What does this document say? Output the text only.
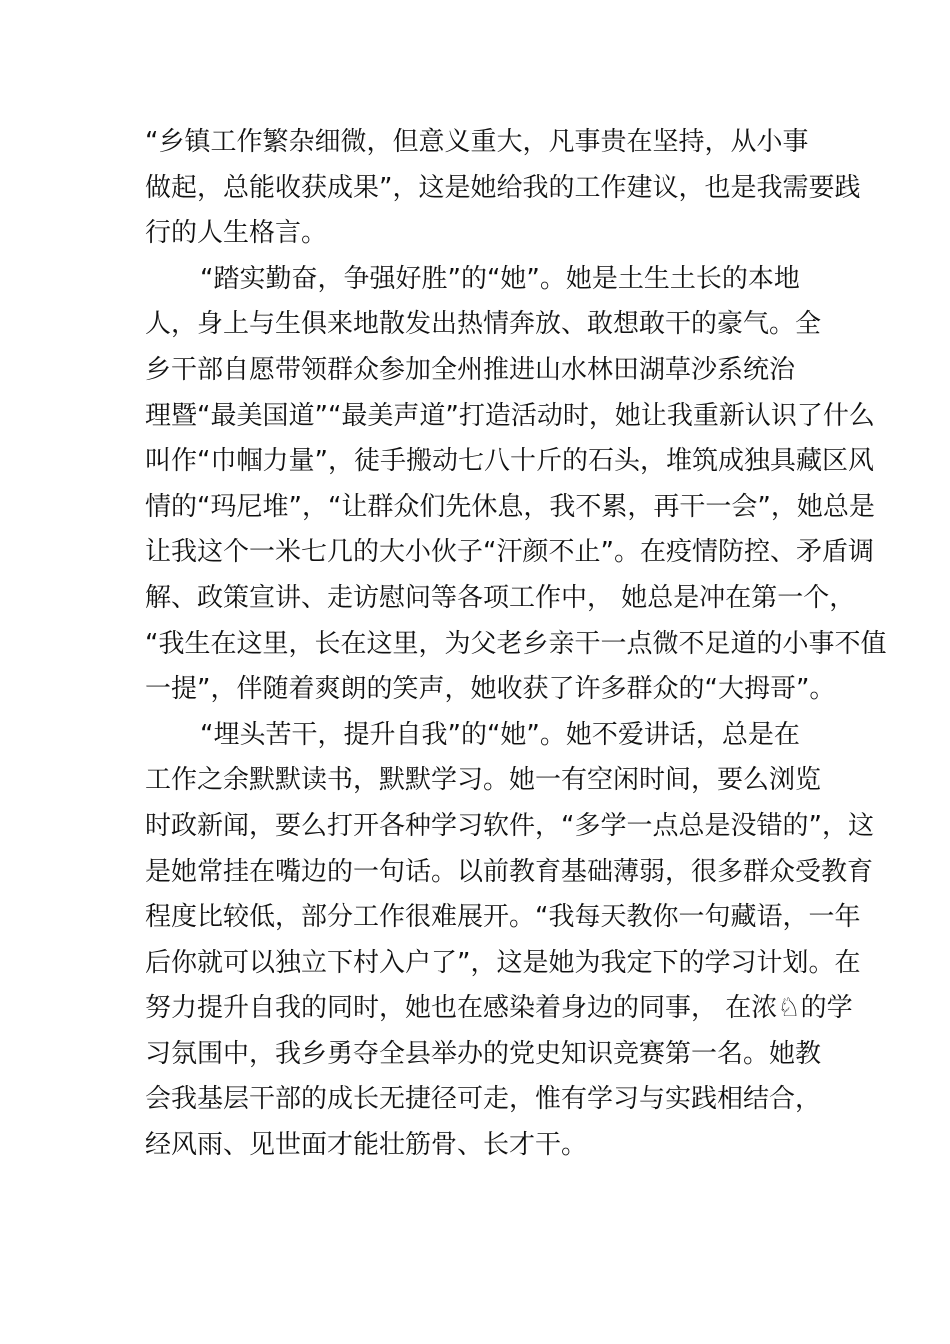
“乡镇工作繁杂细微，但意义重大，凡事贵在坚持，从小事
做起，总能收获成果”，这是她给我的工作建议，也是我需要践
行的人生格言。
“踏实勤奋，争强好胜”的“她”。她是土生土长的本地
人，身上与生俱来地散发出热情奔放、敢想敢干的豪气。全
乡干部自愿带领群众参加全州推进山水林田湖草沙系统治
理暨“最美国道”“最美声道”打造活动时，她让我重新认识了什么
叫作“巾帼力量”，徒手搬动七八十斤的石头，堆筑成独具藏区风
情的“玛尼堆”，“让群众们先休息，我不累，再干一会”，她总是
让我这个一米七几的大小伙子“汗颜不止”。在疫情防控、矛盾调
解、政策宣讲、走访慰问等各项工作中， 她总是冲在第一个，
“我生在这里，长在这里，为父老乡亲干一点微不足道的小事不值
一提”，伴随着爽朗的笑声，她收获了许多群众的“大拇哥”。
“埋头苦干，提升自我”的“她”。她不爱讲话，总是在
工作之余默默读书，默默学习。她一有空闲时间，要么浏览
时政新闻，要么打开各种学习软件，“多学一点总是没错的”，这
是她常挂在嘴边的一句话。以前教育基础薄弱，很多群众受教育
程度比较低，部分工作很难展开。“我每天教你一句藏语，一年
后你就可以独立下村入户了”，这是她为我定下的学习计划。在
努力提升自我的同时，她也在感染着身边的同事， 在浓♘的学
习氛围中，我乡勇夺全县举办的党史知识竞赛第一名。她教
会我基层干部的成长无捷径可走，惟有学习与实践相结合，
经风雨、见世面才能壮筋骨、长才干。
